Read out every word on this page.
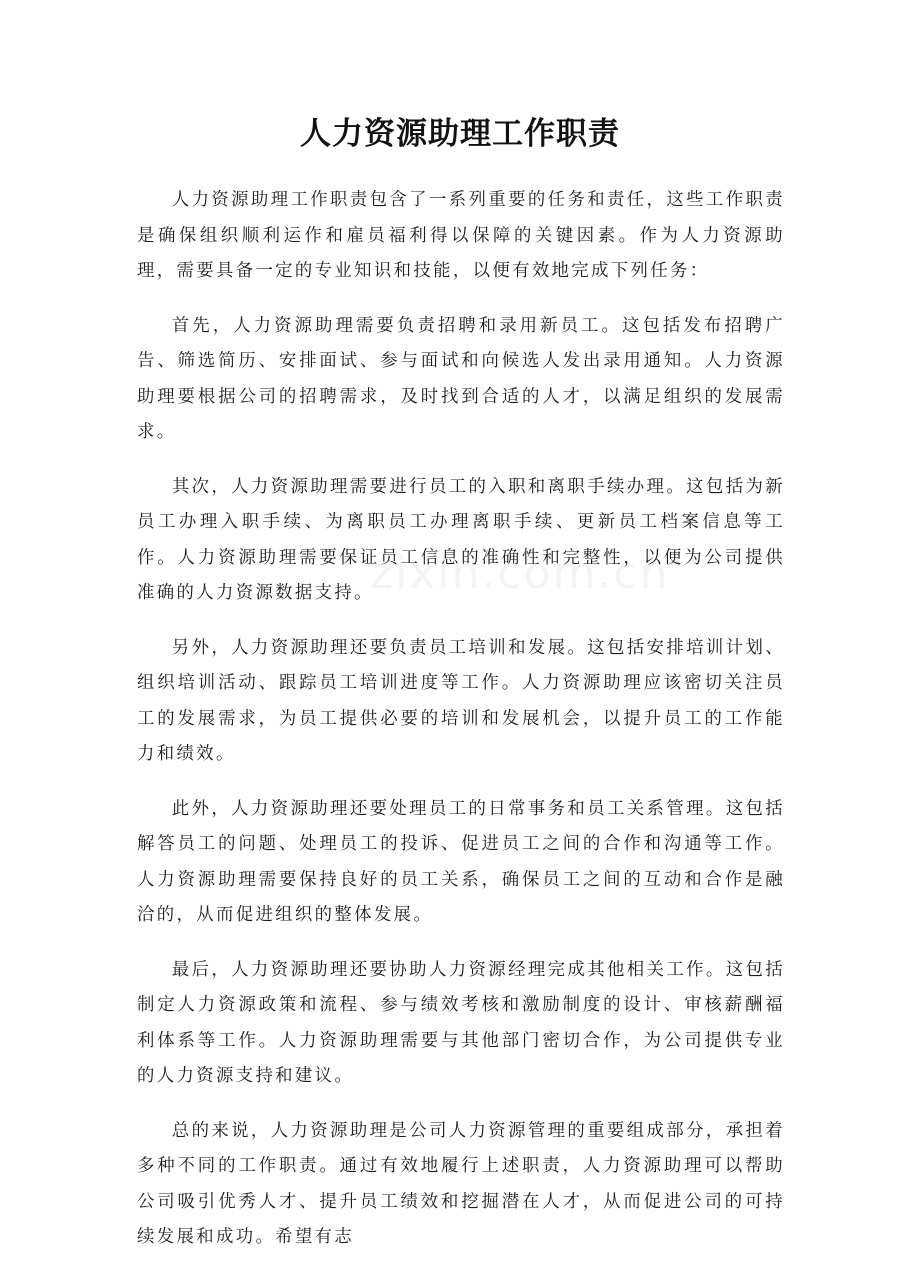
人力资源助理工作职责

人力资源助理工作职责包含了一系列重要的任务和责任，这些工作职责是确保组织顺利运作和雇员福利得以保障的关键因素。作为人力资源助理，需要具备一定的专业知识和技能，以便有效地完成下列任务：

首先，人力资源助理需要负责招聘和录用新员工。这包括发布招聘广告、筛选简历、安排面试、参与面试和向候选人发出录用通知。人力资源助理要根据公司的招聘需求，及时找到合适的人才，以满足组织的发展需求。

其次，人力资源助理需要进行员工的入职和离职手续办理。这包括为新员工办理入职手续、为离职员工办理离职手续、更新员工档案信息等工作。人力资源助理需要保证员工信息的准确性和完整性，以便为公司提供准确的人力资源数据支持。

另外，人力资源助理还要负责员工培训和发展。这包括安排培训计划、组织培训活动、跟踪员工培训进度等工作。人力资源助理应该密切关注员工的发展需求，为员工提供必要的培训和发展机会，以提升员工的工作能力和绩效。

此外，人力资源助理还要处理员工的日常事务和员工关系管理。这包括解答员工的问题、处理员工的投诉、促进员工之间的合作和沟通等工作。人力资源助理需要保持良好的员工关系，确保员工之间的互动和合作是融洽的，从而促进组织的整体发展。

最后，人力资源助理还要协助人力资源经理完成其他相关工作。这包括制定人力资源政策和流程、参与绩效考核和激励制度的设计、审核薪酬福利体系等工作。人力资源助理需要与其他部门密切合作，为公司提供专业的人力资源支持和建议。

总的来说，人力资源助理是公司人力资源管理的重要组成部分，承担着多种不同的工作职责。通过有效地履行上述职责，人力资源助理可以帮助公司吸引优秀人才、提升员工绩效和挖掘潜在人才，从而促进公司的可持续发展和成功。希望有志
